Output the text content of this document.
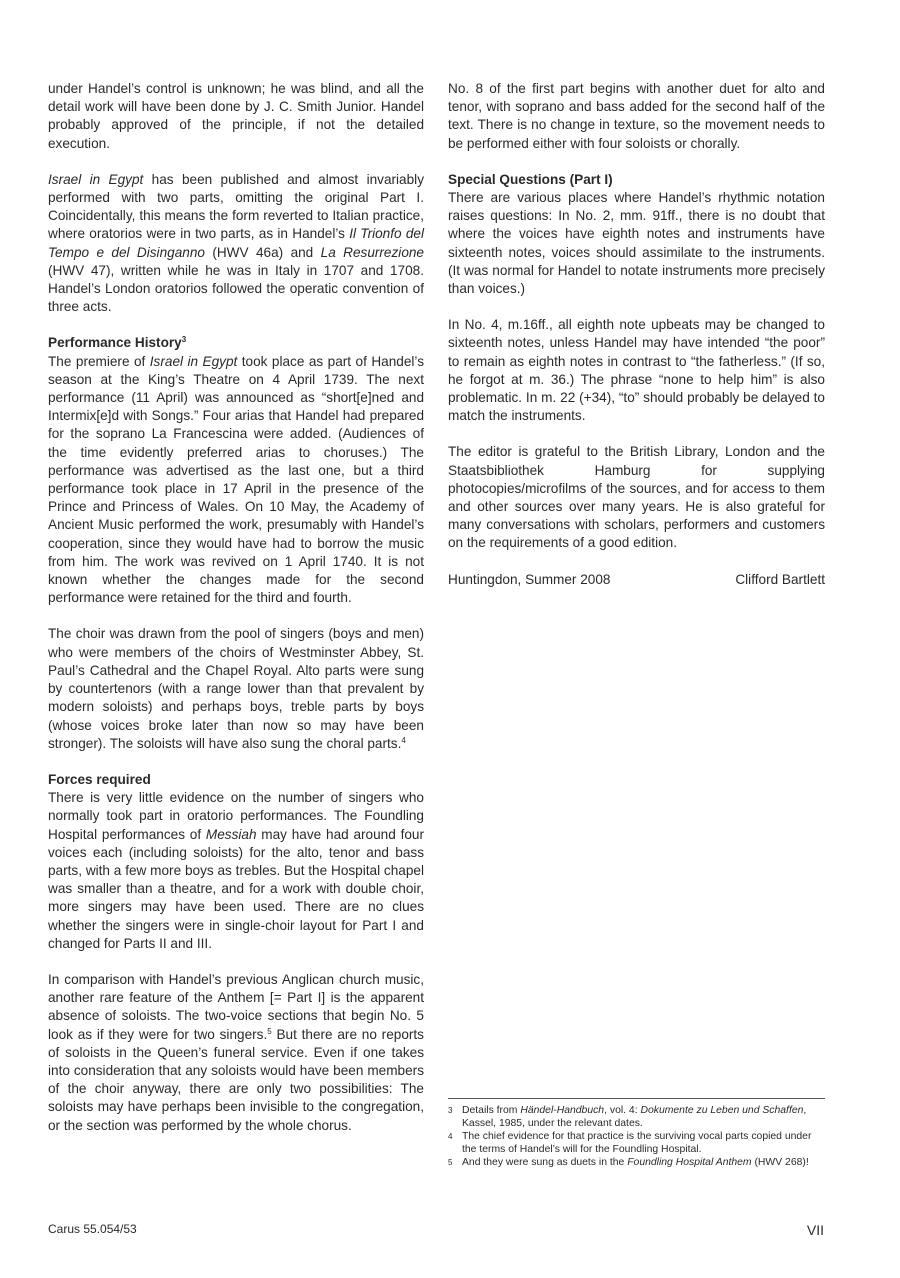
under Handel’s control is unknown; he was blind, and all the detail work will have been done by J. C. Smith Junior. Handel probably approved of the principle, if not the detailed execution.

Israel in Egypt has been published and almost invariably performed with two parts, omitting the original Part I. Coincidentally, this means the form reverted to Italian practice, where oratorios were in two parts, as in Handel’s Il Trionfo del Tempo e del Disinganno (HWV 46a) and La Resurrezione (HWV 47), written while he was in Italy in 1707 and 1708. Handel’s London oratorios followed the operatic convention of three acts.

Performance History$^3$

The premiere of Israel in Egypt took place as part of Handel’s season at the King’s Theatre on 4 April 1739. The next performance (11 April) was announced as “short[e]ned and Intermix[e]d with Songs.” Four arias that Handel had prepared for the soprano La Francescina were added. (Audiences of the time evidently preferred arias to choruses.) The performance was advertised as the last one, but a third performance took place in 17 April in the presence of the Prince and Princess of Wales. On 10 May, the Academy of Ancient Music performed the work, presumably with Handel’s cooperation, since they would have had to borrow the music from him. The work was revived on 1 April 1740. It is not known whether the changes made for the second performance were retained for the third and fourth.

The choir was drawn from the pool of singers (boys and men) who were members of the choirs of Westminster Abbey, St. Paul’s Cathedral and the Chapel Royal. Alto parts were sung by countertenors (with a range lower than that prevalent by modern soloists) and perhaps boys, treble parts by boys (whose voices broke later than now so may have been stronger). The soloists will have also sung the choral parts.$^4$

Forces required

There is very little evidence on the number of singers who normally took part in oratorio performances. The Foundling Hospital performances of Messiah may have had around four voices each (including soloists) for the alto, tenor and bass parts, with a few more boys as trebles. But the Hospital chapel was smaller than a theatre, and for a work with double choir, more singers may have been used. There are no clues whether the singers were in single-choir layout for Part I and changed for Parts II and III.

In comparison with Handel’s previous Anglican church music, another rare feature of the Anthem [= Part I] is the apparent absence of soloists. The two-voice sections that begin No. 5 look as if they were for two singers.$^5$ But there are no reports of soloists in the Queen’s funeral service. Even if one takes into consideration that any soloists would have been members of the choir anyway, there are only two possibilities: The soloists may have perhaps been invisible to the congregation, or the section was performed by the whole chorus.

No. 8 of the first part begins with another duet for alto and tenor, with soprano and bass added for the second half of the text. There is no change in texture, so the movement needs to be performed either with four soloists or chorally.

Special Questions (Part I)

There are various places where Handel’s rhythmic notation raises questions: In No. 2, mm. 91ff., there is no doubt that where the voices have eighth notes and instruments have sixteenth notes, voices should assimilate to the instruments. (It was normal for Handel to notate instruments more precisely than voices.)

In No. 4, m.16ff., all eighth note upbeats may be changed to sixteenth notes, unless Handel may have intended “the poor” to remain as eighth notes in contrast to “the fatherless.” (If so, he forgot at m. 36.) The phrase “none to help him” is also problematic. In m. 22 (+34), “to” should probably be delayed to match the instruments.

The editor is grateful to the British Library, London and the Staatsbibliothek Hamburg for supplying photocopies/microfilms of the sources, and for access to them and other sources over many years. He is also grateful for many conversations with scholars, performers and customers on the requirements of a good edition.

Huntingdon, Summer 2008	Clifford Bartlett
3 Details from Händel-Handbuch, vol. 4: Dokumente zu Leben und Schaffen, Kassel, 1985, under the relevant dates.
4 The chief evidence for that practice is the surviving vocal parts copied under the terms of Handel’s will for the Foundling Hospital.
5 And they were sung as duets in the Foundling Hospital Anthem (HWV 268)!
Carus 55.054/53	VII
